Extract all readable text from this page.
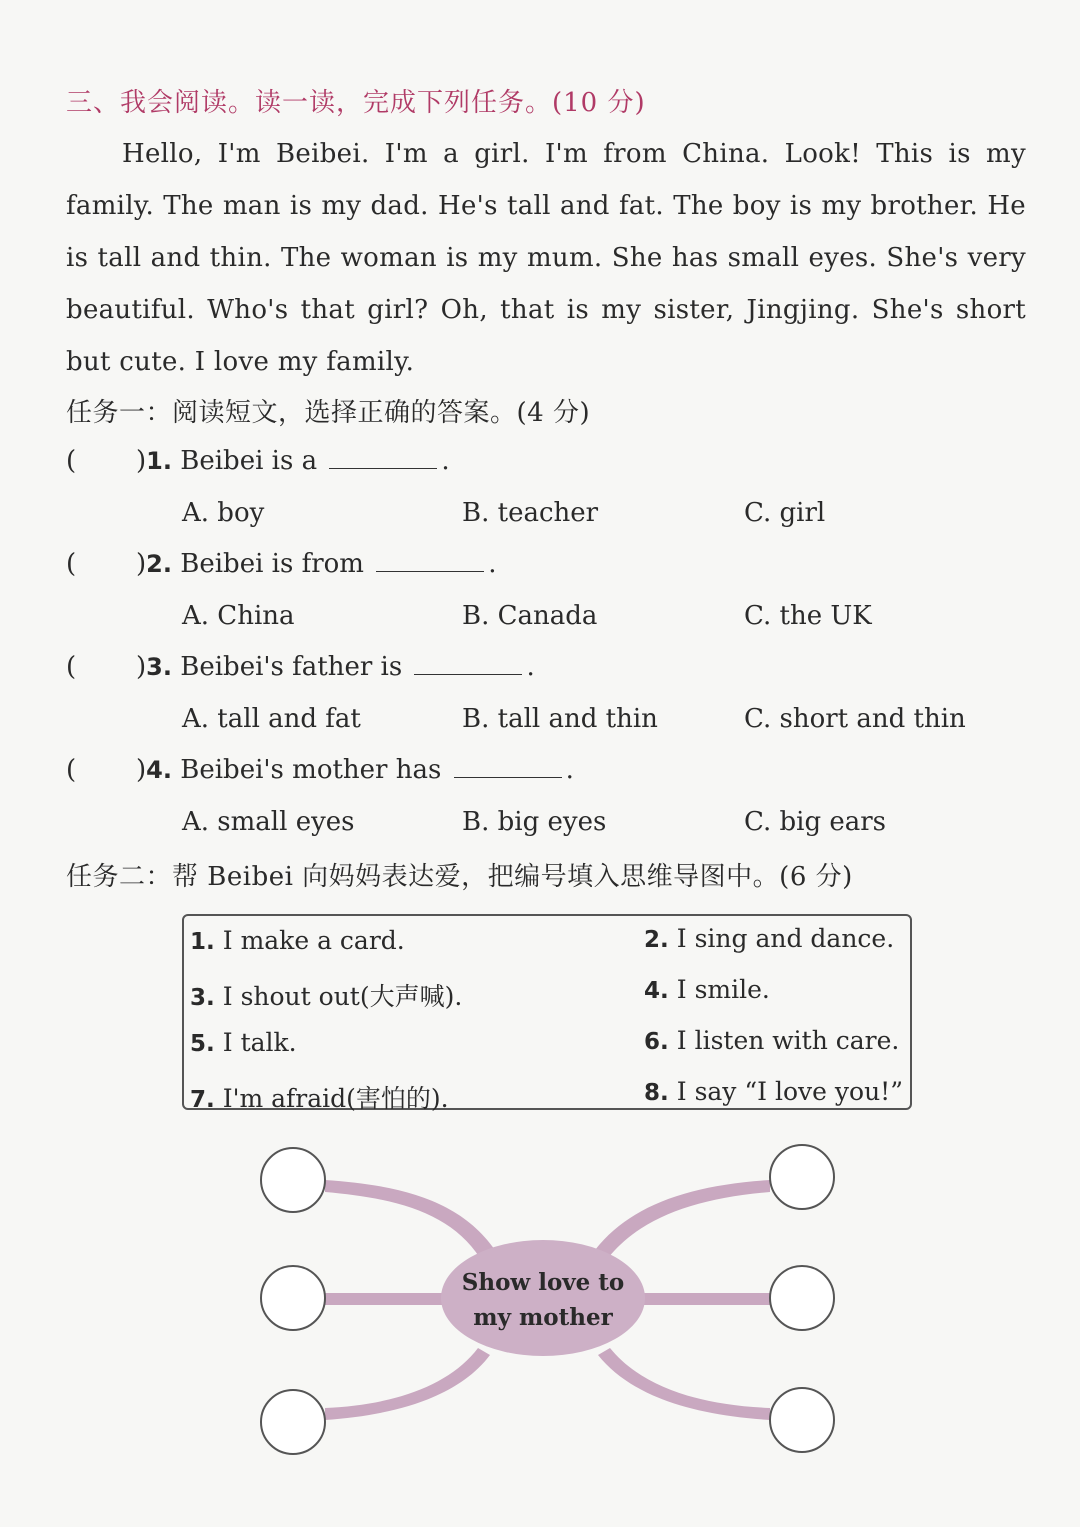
三、我会阅读。读一读，完成下列任务。(10 分)
Hello, I'm Beibei. I'm a girl. I'm from China. Look! This is my family. The man is my dad. He's tall and fat. The boy is my brother. He is tall and thin. The woman is my mum. She has small eyes. She's very beautiful. Who's that girl? Oh, that is my sister, Jingjing. She's short but cute. I love my family.
任务一：阅读短文，选择正确的答案。(4 分)
( )1. Beibei is a	.
A. boy	B. teacher	C. girl
( )2. Beibei is from	.
A. China	B. Canada	C. the UK
( )3. Beibei's father is	.
A. tall and fat	B. tall and thin	C. short and thin
( )4. Beibei's mother has	.
A. small eyes	B. big eyes	C. big ears
任务二：帮 Beibei 向妈妈表达爱，把编号填入思维导图中。(6 分)
1. I make a card.	2. I sing and dance.
3. I shout out(大声喊).	4. I smile.
5. I talk.	6. I listen with care.
7. I'm afraid(害怕的).	8. I say “I love you!”
Show love to
my mother
